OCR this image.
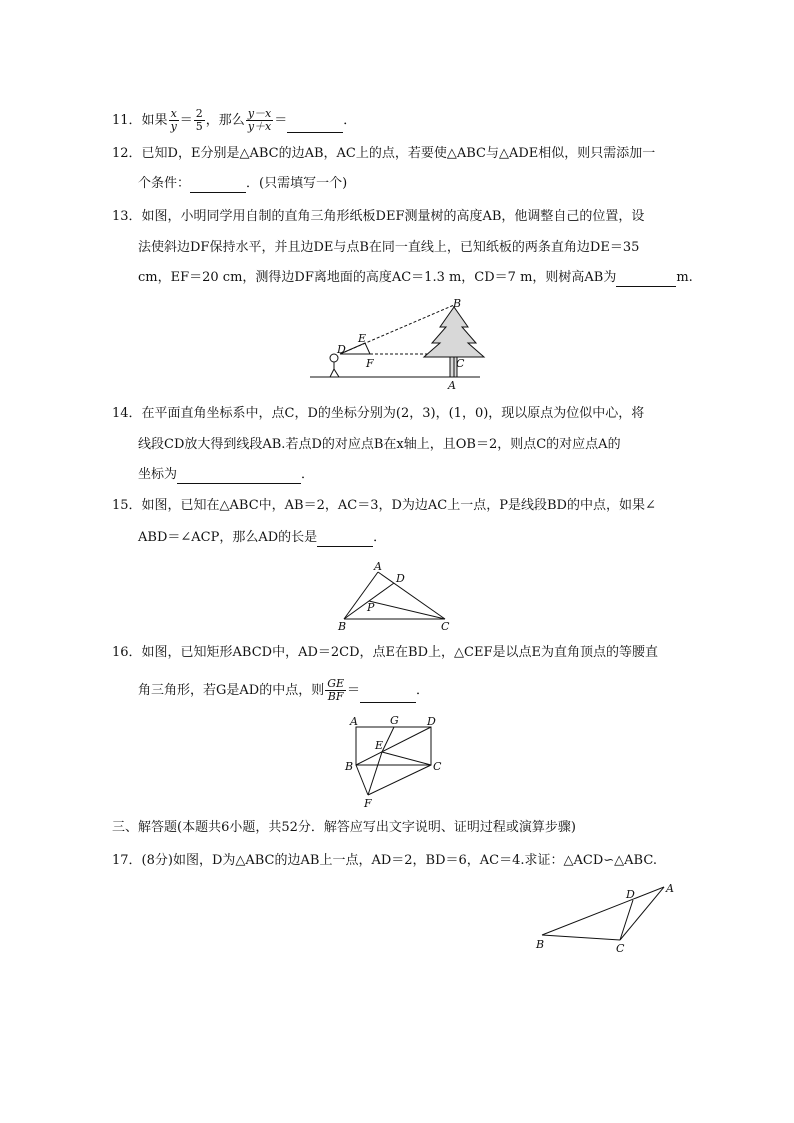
11．如果 $\frac{x}{y} = \frac{2}{5}$ ，那么 $\frac{y-x}{y+x}$ ＝	．
12．已知D，E分别是△ABC的边AB，AC上的点，若要使△ABC与△ADE相似，则只需添加一
个条件：	．(只需填写一个)
13．如图，小明同学用自制的直角三角形纸板DEF测量树的高度AB，他调整自己的位置，设
法使斜边DF保持水平，并且边DE与点B在同一直线上，已知纸板的两条直角边DE＝35
cm，EF＝20 cm，测得边DF离地面的高度AC＝1.3 m，CD＝7 m，则树高AB为	m.
B
E
D
F	C
A
14．在平面直角坐标系中，点C，D的坐标分别为(2，3)，(1，0)，现以原点为位似中心，将
线段CD放大得到线段AB.若点D的对应点B在x轴上，且OB＝2，则点C的对应点A的
坐标为	．
15．如图，已知在△ABC中，AB＝2，AC＝3，D为边AC上一点，P是线段BD的中点，如果∠
ABD＝∠ACP，那么AD的长是	．
A
D
P
B	C
16．如图，已知矩形ABCD中，AD＝2CD，点E在BD上，△CEF是以点E为直角顶点的等腰直
角三角形，若G是AD的中点，则 $\frac{GE}{BF}$ ＝	．
A	G	D
E
B	C
F
三、解答题(本题共6小题，共52分．解答应写出文字说明、证明过程或演算步骤)
17．(8分)如图，D为△ABC的边AB上一点，AD＝2，BD＝6，AC＝4.求证：△ACD∽△ABC.
D	A
B	C
